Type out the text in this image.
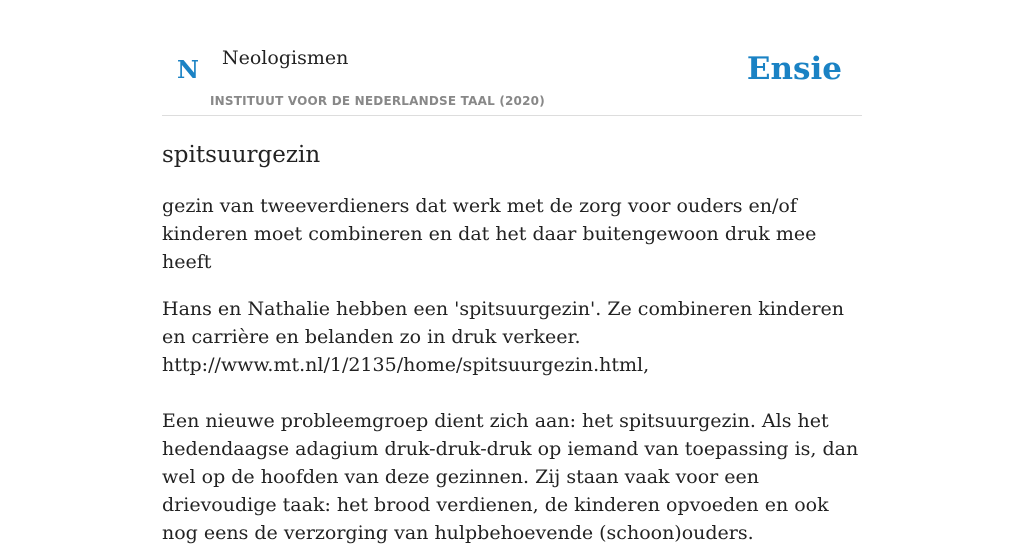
N Neologismen
INSTITUUT VOOR DE NEDERLANDSE TAAL (2020)
Ensie
spitsuurgezin
gezin van tweeverdieners dat werk met de zorg voor ouders en/of kinderen moet combineren en dat het daar buitengewoon druk mee heeft

Hans en Nathalie hebben een 'spitsuurgezin'. Ze combineren kinderen en carrière en belanden zo in druk verkeer.

http://www.mt.nl/1/2135/home/spitsuurgezin.html,

Een nieuwe probleemgroep dient zich aan: het spitsuurgezin. Als het hedendaagse adagium druk-druk-druk op iemand van toepassing is, dan wel op de hoofden van deze gezinnen. Zij staan vaak voor een drievoudige taak: het brood verdienen, de kinderen opvoeden en ook nog eens de verzorging van hulpbehoevende (schoon)ouders.
